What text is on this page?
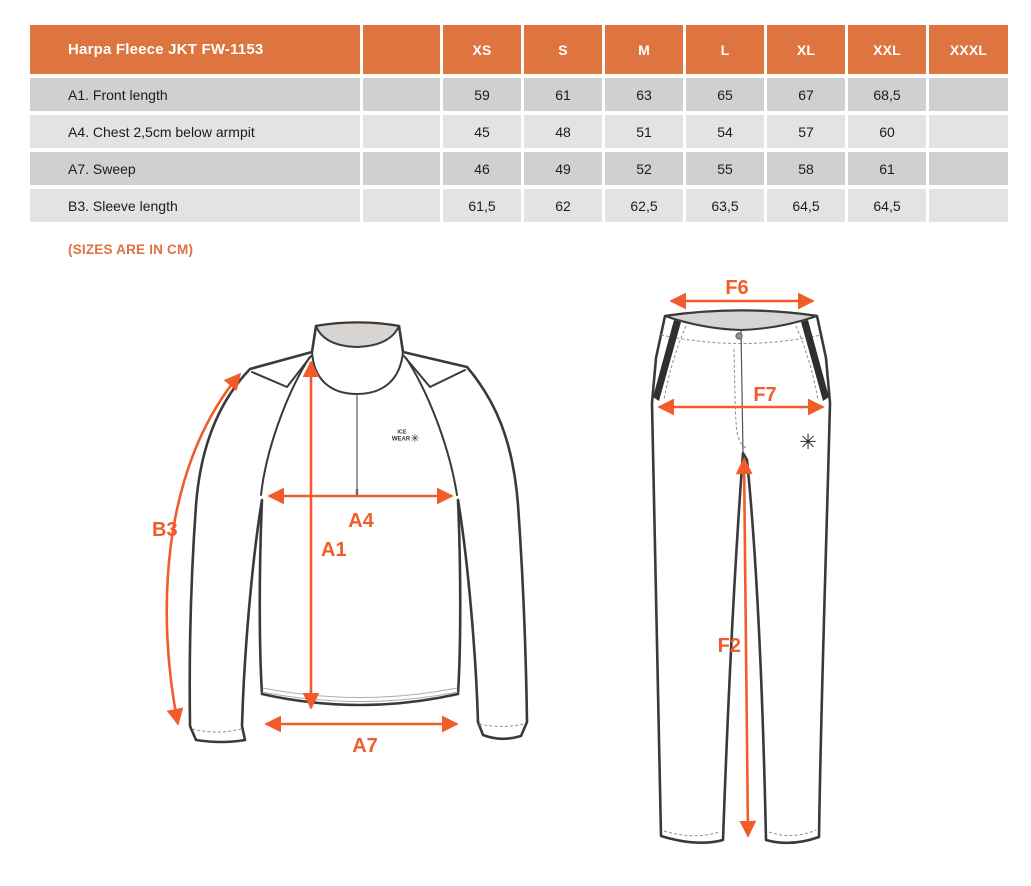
Harpa Fleece JKT FW-1153	XS	S	M	L	XL	XXL	XXXL
A1. Front length	59	61	63	65	67	68,5
A4. Chest 2,5cm below armpit	45	48	51	54	57	60
A7. Sweep	46	49	52	55	58	61
B3. Sleeve length	61,5	62	62,5	63,5	64,5	64,5
(SIZES ARE IN CM)
ICE
WEAR ✳
A4
A1
A7
B3
✳
F6
F7
F2
